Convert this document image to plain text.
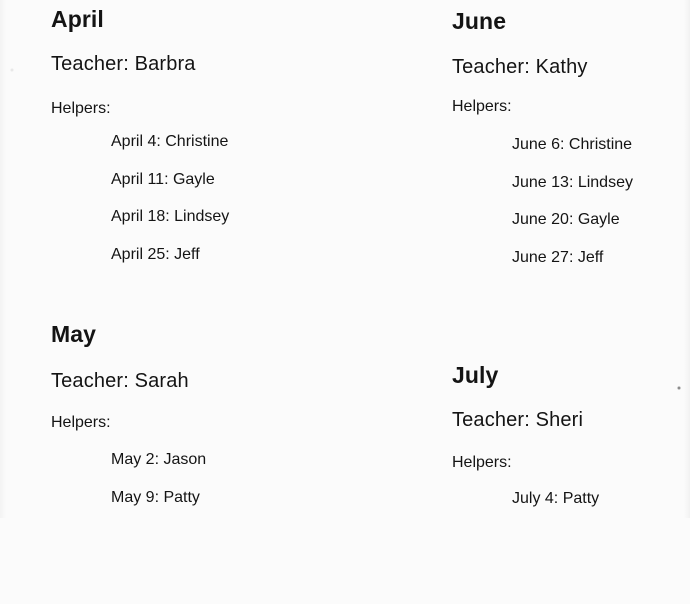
April
Teacher: Barbra
Helpers:
April 4: Christine
April 11: Gayle
April 18: Lindsey
April 25: Jeff
June
Teacher: Kathy
Helpers:
June 6: Christine
June 13: Lindsey
June 20: Gayle
June 27: Jeff
May
Teacher: Sarah
Helpers:
May 2: Jason
May 9: Patty
July
Teacher: Sheri
Helpers:
July 4: Patty
